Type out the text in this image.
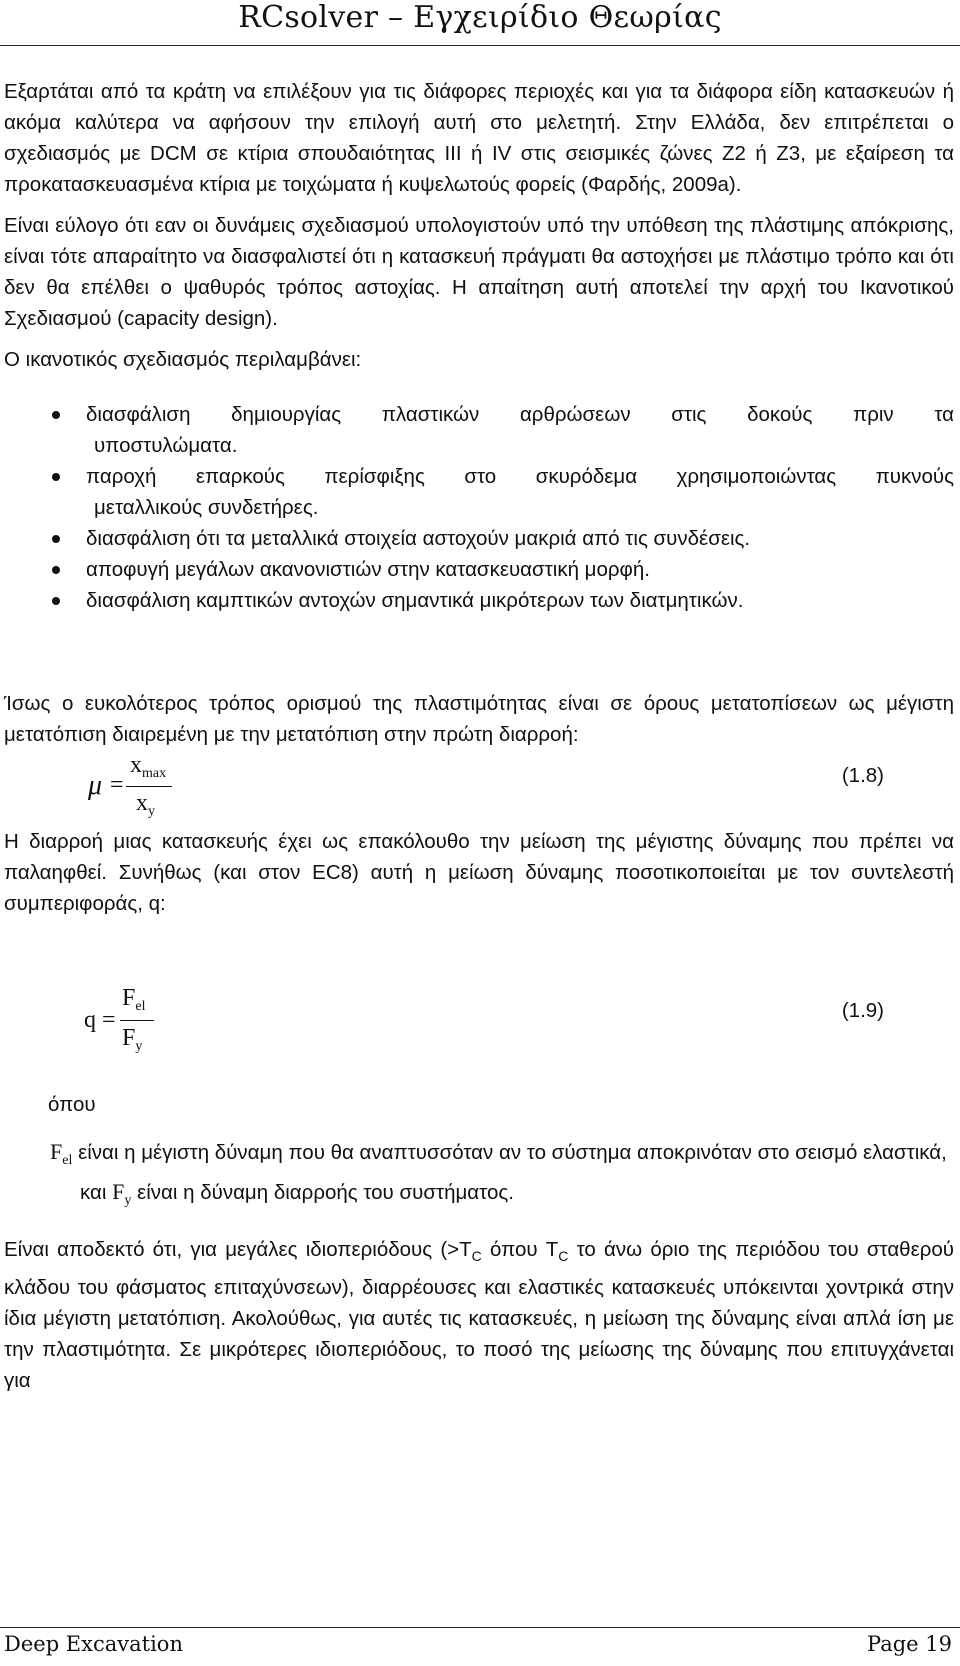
RCsolver – Εγχειρίδιο Θεωρίας

Εξαρτάται από τα κράτη να επιλέξουν για τις διάφορες περιοχές και για τα διάφορα είδη κατασκευών ή ακόμα καλύτερα να αφήσουν την επιλογή αυτή στο μελετητή. Στην Ελλάδα, δεν επιτρέπεται ο σχεδιασμός με DCM σε κτίρια σπουδαιότητας ΙΙΙ ή IV στις σεισμικές ζώνες Z2 ή Z3, με εξαίρεση τα προκατασκευασμένα κτίρια με τοιχώματα ή κυψελωτούς φορείς (Φαρδής, 2009a).

Είναι εύλογο ότι εαν οι δυνάμεις σχεδιασμού υπολογιστούν υπό την υπόθεση της πλάστιμης απόκρισης, είναι τότε απαραίτητο να διασφαλιστεί ότι η κατασκευή πράγματι θα αστοχήσει με πλάστιμο τρόπο και ότι δεν θα επέλθει ο ψαθυρός τρόπος αστοχίας. Η απαίτηση αυτή αποτελεί την αρχή του Ικανοτικού Σχεδιασμού (capacity design).

Ο ικανοτικός σχεδιασμός περιλαμβάνει:

διασφάλιση δημιουργίας πλαστικών αρθρώσεων στις δοκούς πριν τα
υποστυλώματα.
παροχή επαρκούς περίσφιξης στο σκυρόδεμα χρησιμοποιώντας πυκνούς
μεταλλικούς συνδετήρες.
διασφάλιση ότι τα μεταλλικά στοιχεία αστοχούν μακριά από τις συνδέσεις.
αποφυγή μεγάλων ακανονιστιών στην κατασκευαστική μορφή.
διασφάλιση καμπτικών αντοχών σημαντικά μικρότερων των διατμητικών.

Ίσως ο ευκολότερος τρόπος ορισμού της πλαστιμότητας είναι σε όρους μετατοπίσεων ως μέγιστη μετατόπιση διαιρεμένη με την μετατόπιση στην πρώτη διαρροή:

μ =
$x_{max}$
$x_y$
(1.8)

Η διαρροή μιας κατασκευής έχει ως επακόλουθο την μείωση της μέγιστης δύναμης που πρέπει να παλαηφθεί. Συνήθως (και στον EC8) αυτή η μείωση δύναμης ποσοτικοποιείται με τον συντελεστή συμπεριφοράς, q:

q =
$F_{el}$
$F_y$
(1.9)
όπου
$F_{el}$ είναι η μέγιστη δύναμη που θα αναπτυσσόταν αν το σύστημα αποκρινόταν στο σεισμό ελαστικά, και $F_y$ είναι η δύναμη διαρροής του συστήματος.

Είναι αποδεκτό ότι, για μεγάλες ιδιοπεριόδους ($>T_C$ όπου $T_C$ το άνω όριο της περιόδου του σταθερού κλάδου του φάσματος επιταχύνσεων), διαρρέουσες και ελαστικές κατασκευές υπόκεινται χοντρικά στην ίδια μέγιστη μετατόπιση. Ακολούθως, για αυτές τις κατασκευές, η μείωση της δύναμης είναι απλά ίση με την πλαστιμότητα. Σε μικρότερες ιδιοπεριόδους, το ποσό της μείωσης της δύναμης που επιτυγχάνεται για

Deep Excavation	Page 19
